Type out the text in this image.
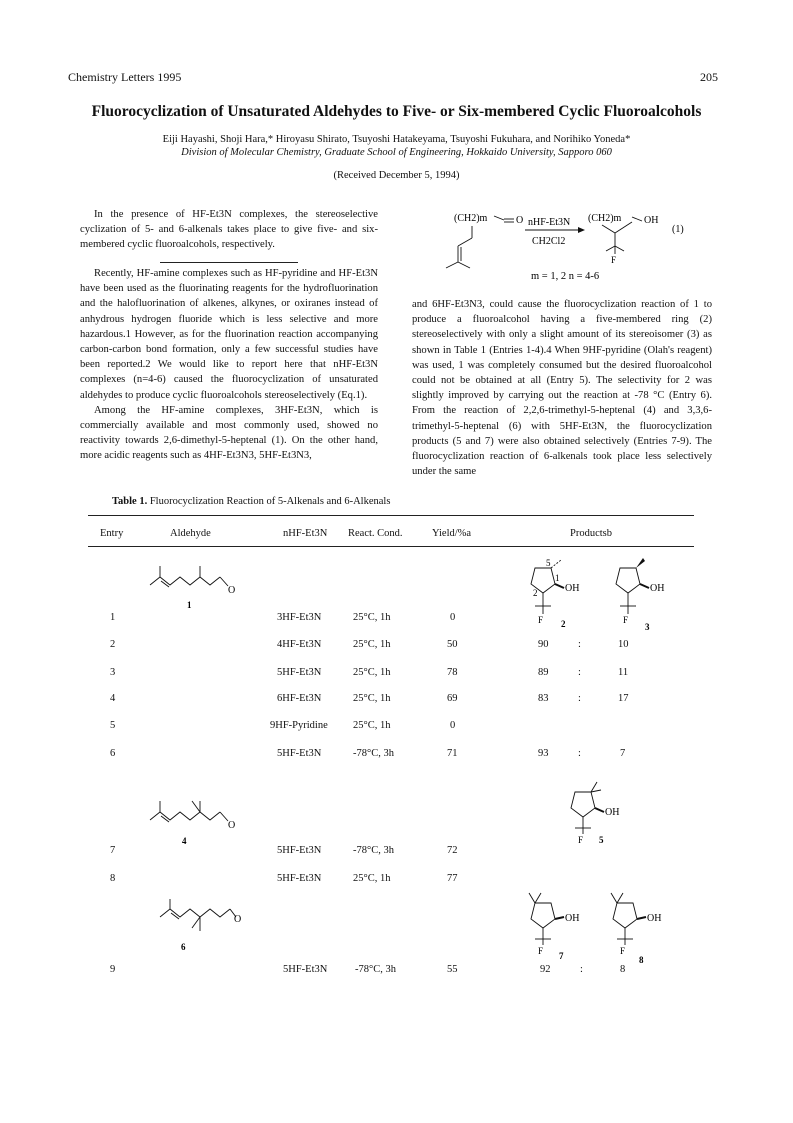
Chemistry Letters 1995	205
Fluorocyclization of Unsaturated Aldehydes to Five- or Six-membered Cyclic Fluoroalcohols
Eiji Hayashi, Shoji Hara,* Hiroyasu Shirato, Tsuyoshi Hatakeyama, Tsuyoshi Fukuhara, and Norihiko Yoneda*
Division of Molecular Chemistry, Graduate School of Engineering, Hokkaido University, Sapporo 060
(Received December 5, 1994)

In the presence of HF-Et3N complexes, the stereoselective cyclization of 5- and 6-alkenals takes place to give five- and six-membered cyclic fluoroalcohols, respectively.

Recently, HF-amine complexes such as HF-pyridine and HF-Et3N have been used as the fluorinating reagents for the hydrofluorination and the halofluorination of alkenes, alkynes, or oxiranes instead of anhydrous hydrogen fluoride which is less selective and more hazardous.1 However, as for the fluorination reaction accompanying carbon-carbon bond formation, only a few successful studies have been reported.2 We would like to report here that nHF-Et3N complexes (n=4-6) caused the fluorocyclization of unsaturated aldehydes to produce cyclic fluoroalcohols stereoselectively (Eq.1).

Among the HF-amine complexes, 3HF-Et3N, which is commercially available and most commonly used, showed no reactivity towards 2,6-dimethyl-5-heptenal (1). On the other hand, more acidic reagents such as 4HF-Et3N3, 5HF-Et3N3,

(CH2)m	O nHF-Et3N
CH2Cl2
(CH2)m OH
F
(1)
m = 1, 2 n = 4-6

and 6HF-Et3N3, could cause the fluorocyclization reaction of 1 to produce a fluoroalcohol having a five-membered ring (2) stereoselectively with only a slight amount of its stereoisomer (3) as shown in Table 1 (Entries 1-4).4 When 9HF-pyridine (Olah's reagent) was used, 1 was completely consumed but the desired fluoroalcohol could not be obtained at all (Entry 5). The selectivity for 2 was slightly improved by carrying out the reaction at -78 °C (Entry 6). From the reaction of 2,2,6-trimethyl-5-heptenal (4) and 3,3,6-trimethyl-5-heptenal (6) with 5HF-Et3N, the fluorocyclization products (5 and 7) were also obtained selectively (Entries 7-9). The fluorocyclization reaction of 6-alkenals took place less selectively under the same

Table 1. Fluorocyclization Reaction of 5-Alkenals and 6-Alkenals
Entry	Aldehyde	nHF-Et3N React. Cond.	Yield/%a	Productsb
1	3HF-Et3N	25°C, 1h	0
2	4HF-Et3N	25°C, 1h	50	90	:	10
3	5HF-Et3N	25°C, 1h	78	89	:	11
4	6HF-Et3N	25°C, 1h	69	83	:	17
5	9HF-Pyridine 25°C, 1h	0
6	5HF-Et3N	-78°C, 3h	71	93	:	7
7	5HF-Et3N	-78°C, 3h	72
8	5HF-Et3N	25°C, 1h	77
9	5HF-Et3N	-78°C, 3h	55	92	:	8
O
1
5
1
OH
2
F 2
OH
F
3
O
4
OH
F 5
O
6
OH
F 7
OH
F
8
